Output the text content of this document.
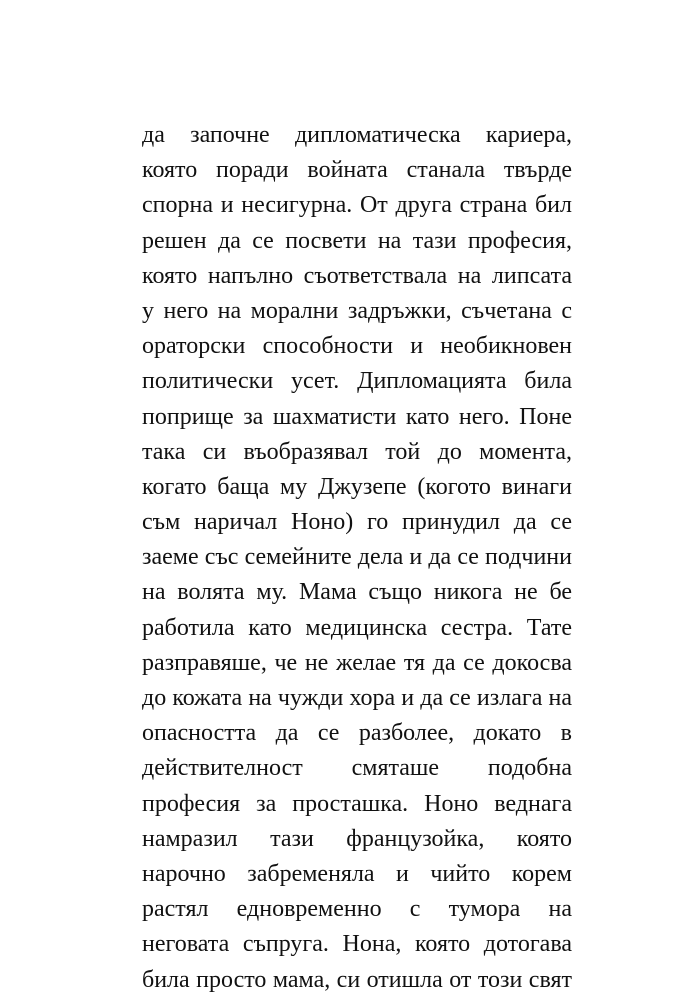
да започне дипломатическа кариера,
която поради войната станала твърде
спорна и несигурна. От друга страна бил
решен да се посвети на тази професия,
която напълно съответствала на липсата
у него на морални задръжки, съчетана с
ораторски способности и необикновен
политически усет. Дипломацията била
поприще за шахматисти като него. Поне
така си въобразявал той до момента,
когато баща му Джузепе (когото винаги
съм наричал Ноно) го принудил да се
заеме със семейните дела и да се подчини
на волята му. Мама също никога не бе
работила като медицинска сестра. Тате
разправяше, че не желае тя да се докосва
до кожата на чужди хора и да се излага на
опасността да се разболее, докато в
действителност смяташе подобна
професия за просташка. Ноно веднага
намразил тази французойка, която
нарочно забременяла и чийто корем
растял едновременно с тумора на
неговата съпруга. Нона, която дотогава
била просто мама, си отишла от този свят
